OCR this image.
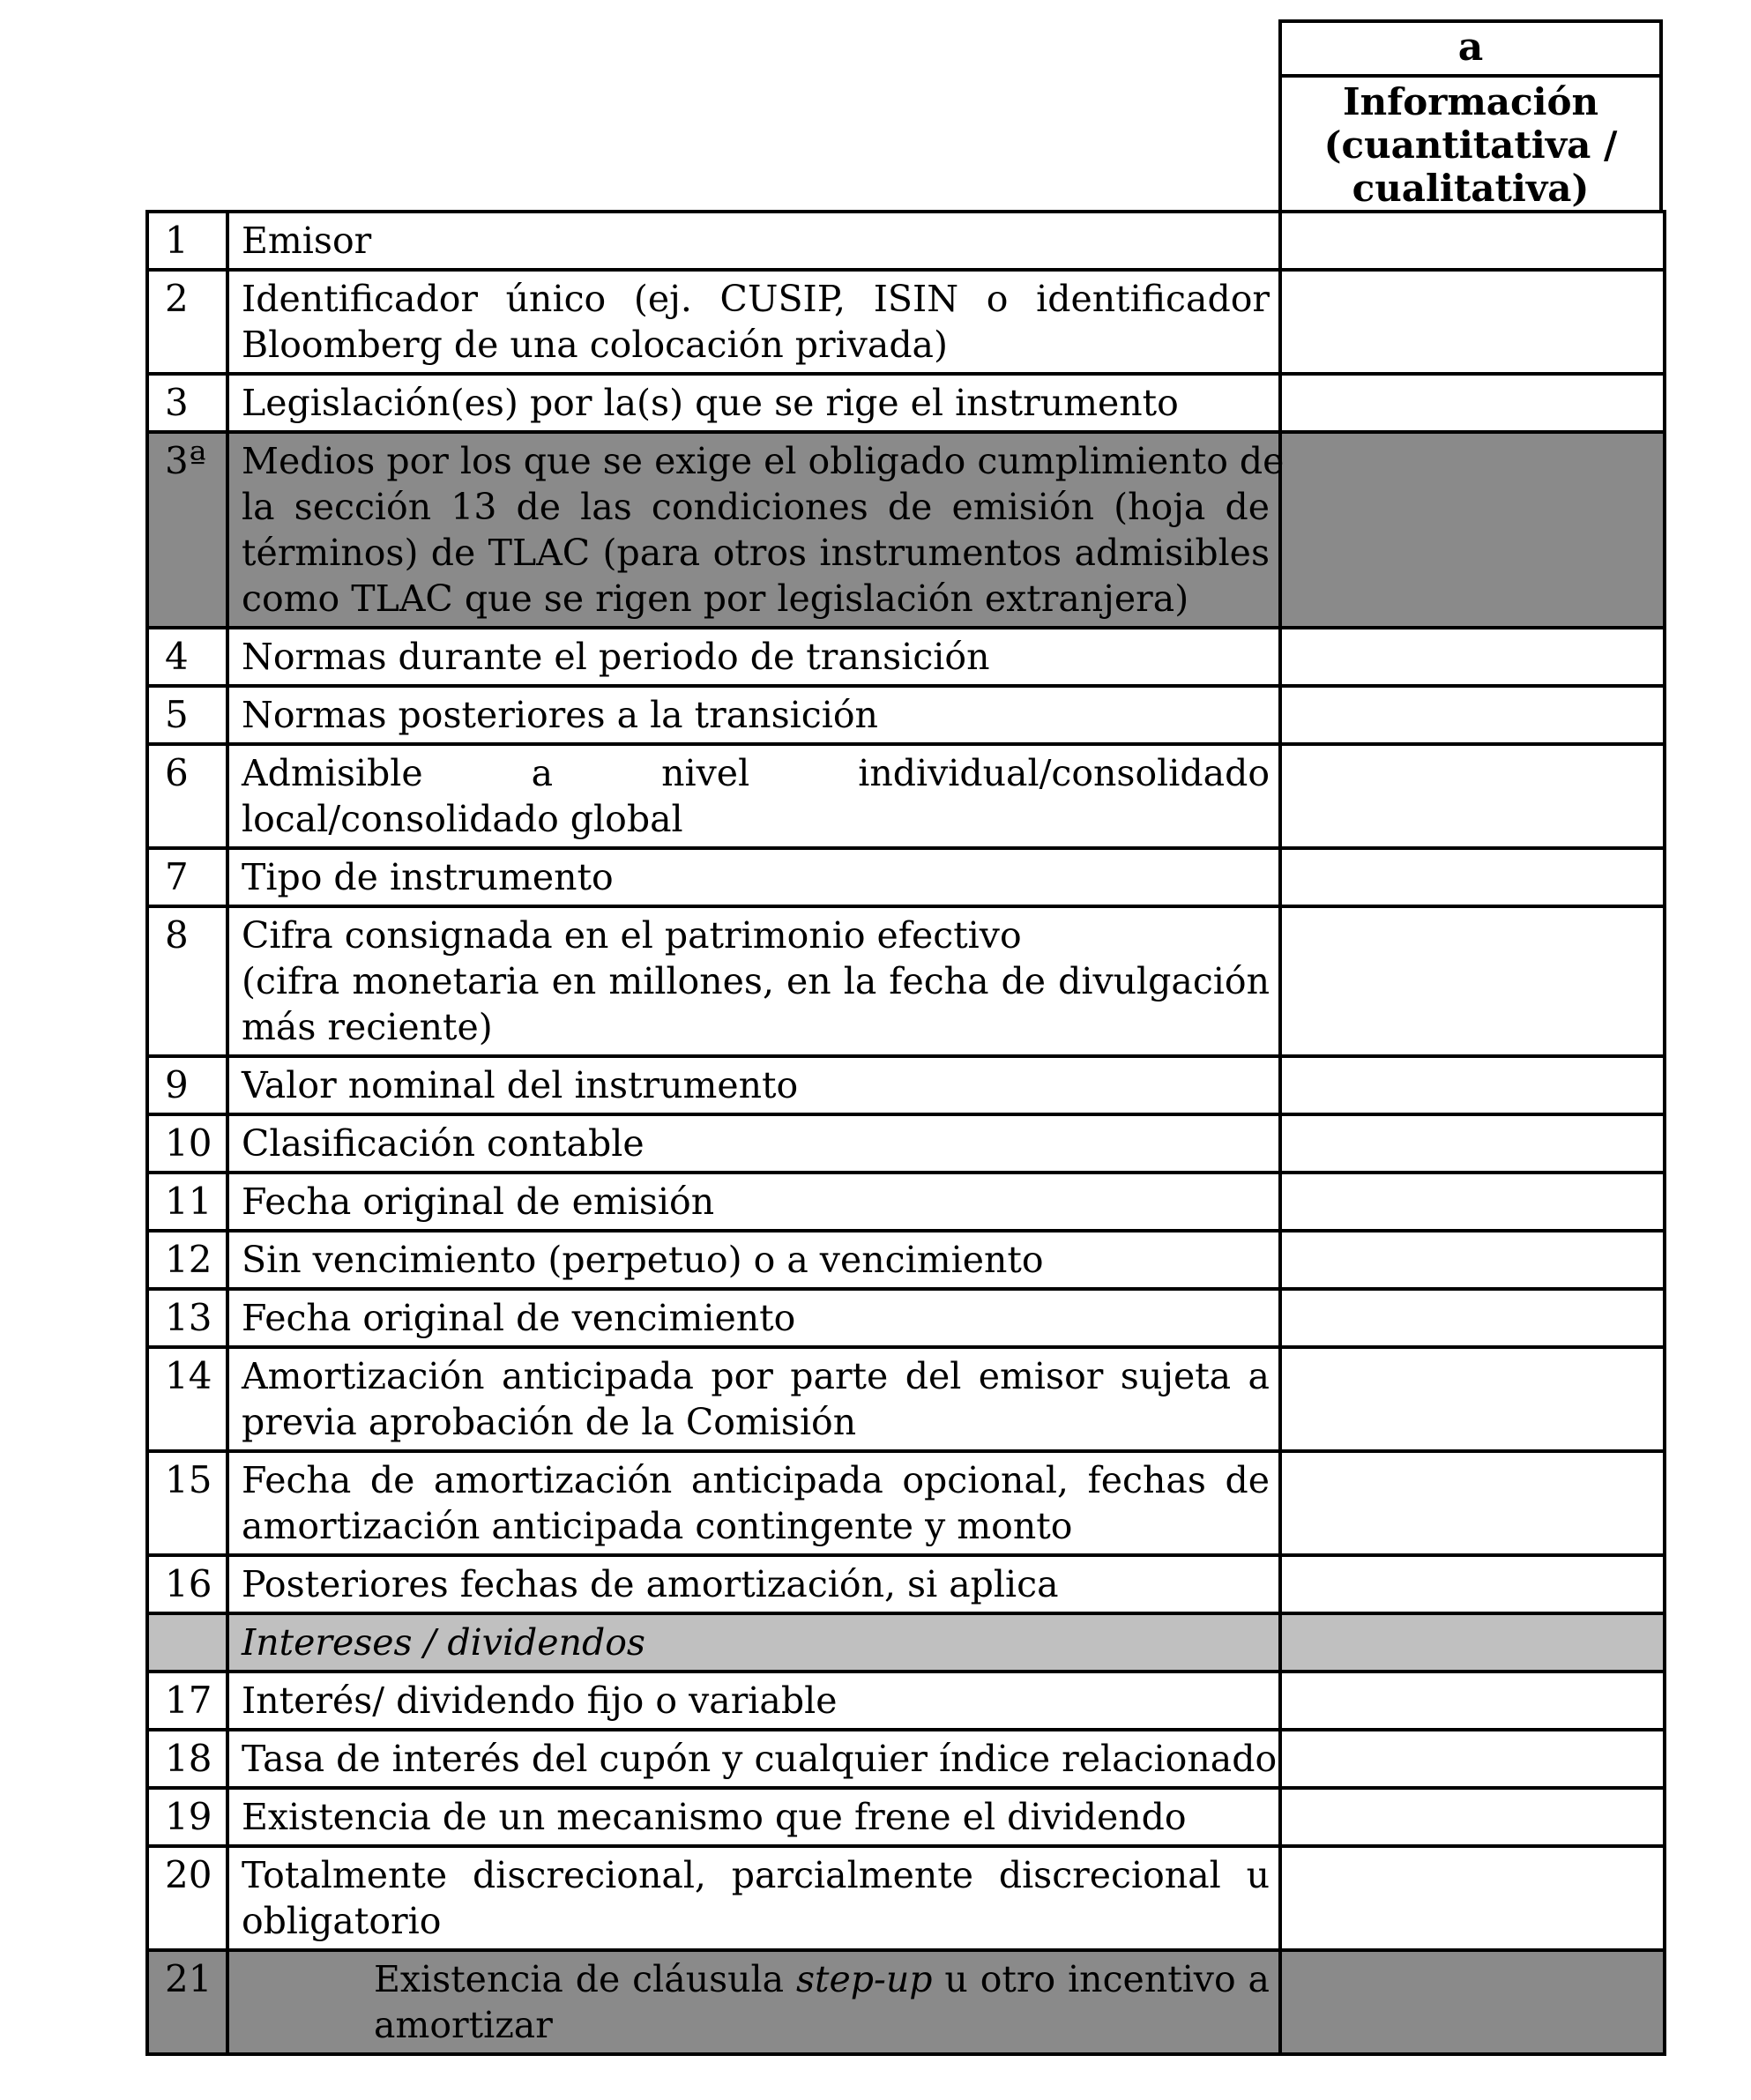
a
Información
(cuantitativa /
cualitativa)
1	Emisor	

2	Identificador único (ej. CUSIP, ISIN o identificador
Bloomberg de una colocación privada)	

3	Legislación(es) por la(s) que se rige el instrumento	

3ª	Medios por los que se exige el obligado cumplimiento de
la sección 13 de las condiciones de emisión (hoja de
términos) de TLAC (para otros instrumentos admisibles
como TLAC que se rigen por legislación extranjera)	

4	Normas durante el periodo de transición	

5	Normas posteriores a la transición	

6	Admisible a nivel individual/consolidado
local/consolidado global	

7	Tipo de instrumento	

8	Cifra consignada en el patrimonio efectivo
(cifra monetaria en millones, en la fecha de divulgación
más reciente)	

9	Valor nominal del instrumento	

10	Clasificación contable	

11	Fecha original de emisión	

12	Sin vencimiento (perpetuo) o a vencimiento	

13	Fecha original de vencimiento	

14	Amortización anticipada por parte del emisor sujeta a
previa aprobación de la Comisión	

15	Fecha de amortización anticipada opcional, fechas de
amortización anticipada contingente y monto	

16	Posteriores fechas de amortización, si aplica	

	Intereses / dividendos	

17	Interés/ dividendo fijo o variable	

18	Tasa de interés del cupón y cualquier índice relacionado	

19	Existencia de un mecanismo que frene el dividendo	

20	Totalmente discrecional, parcialmente discrecional u
obligatorio	

21	Existencia de cláusula step-up u otro incentivo a
amortizar	
